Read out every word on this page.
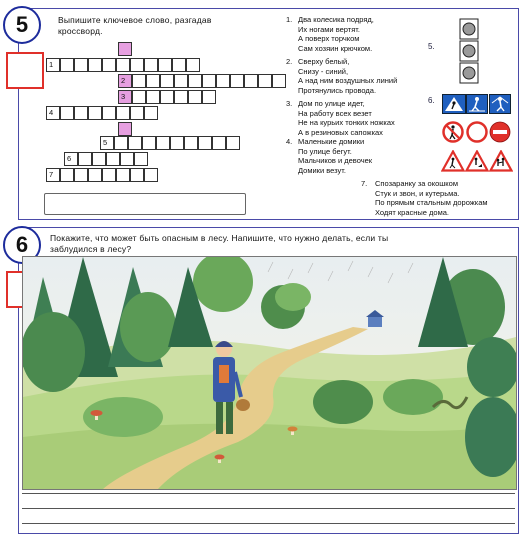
5	Выпишите ключевое слово, разгадав кроссворд.
1
2
3
4
5
6
7
1. Два колесика подряд,
Их ногами вертят.
А поверх торчком
Сам хозяин крючком.
2. Сверху белый,
Снизу - синий,
А над ним воздушных линий
Протянулись провода.
3. Дом по улице идет,
На работу всех везет
Не на курьих тонких ножках
А в резиновых сапожках
4. Маленькие домики
По улице бегут.
Мальчиков и девочек
Домики везут.
7. Спозаранку за окошком
Стук и звон, и кутерьма.
По прямым стальным дорожкам
Ходят красные дома.
5.
6.
6	Покажите, что может быть опасным в лесу. Напишите, что нужно делать, если ты
заблудился в лесу?
